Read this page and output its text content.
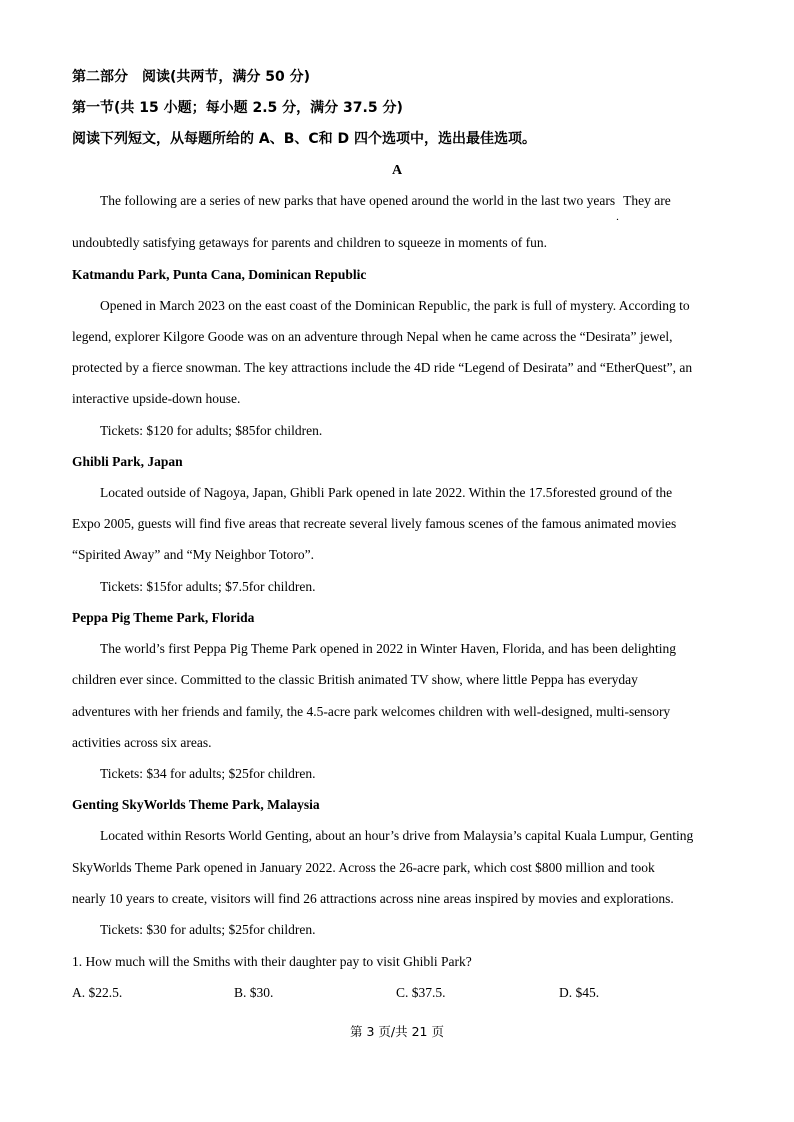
第二部分　阅读(共两节，满分 50 分)
第一节(共 15 小题；每小题 2.5 分，满分 37.5 分)
阅读下列短文，从每题所给的 A、B、C和 D 四个选项中，选出最佳选项。
A
The following are a series of new parks that have opened around the world in the last two years They are
undoubtedly satisfying getaways for parents and children to squeeze in moments of fun.
Katmandu Park, Punta Cana, Dominican Republic
Opened in March 2023 on the east coast of the Dominican Republic, the park is full of mystery. According to
legend, explorer Kilgore Goode was on an adventure through Nepal when he came across the “Desirata” jewel,
protected by a fierce snowman. The key attractions include the 4D ride “Legend of Desirata” and “EtherQuest”, an
interactive upside-down house.
Tickets: $120 for adults; $85for children.
Ghibli Park, Japan
Located outside of Nagoya, Japan, Ghibli Park opened in late 2022. Within the 17.5forested ground of the
Expo 2005, guests will find five areas that recreate several lively famous scenes of the famous animated movies
“Spirited Away” and “My Neighbor Totoro”.
Tickets: $15for adults; $7.5for children.
Peppa Pig Theme Park, Florida
The world’s first Peppa Pig Theme Park opened in 2022 in Winter Haven, Florida, and has been delighting
children ever since. Committed to the classic British animated TV show, where little Peppa has everyday
adventures with her friends and family, the 4.5-acre park welcomes children with well-designed, multi-sensory
activities across six areas.
Tickets: $34 for adults; $25for children.
Genting SkyWorlds Theme Park, Malaysia
Located within Resorts World Genting, about an hour’s drive from Malaysia’s capital Kuala Lumpur, Genting
SkyWorlds Theme Park opened in January 2022. Across the 26-acre park, which cost $800 million and took
nearly 10 years to create, visitors will find 26 attractions across nine areas inspired by movies and explorations.
Tickets: $30 for adults; $25for children.
1. How much will the Smiths with their daughter pay to visit Ghibli Park?
A. $22.5.	B. $30.	C. $37.5.	D. $45.
第 3 页/共 21 页
